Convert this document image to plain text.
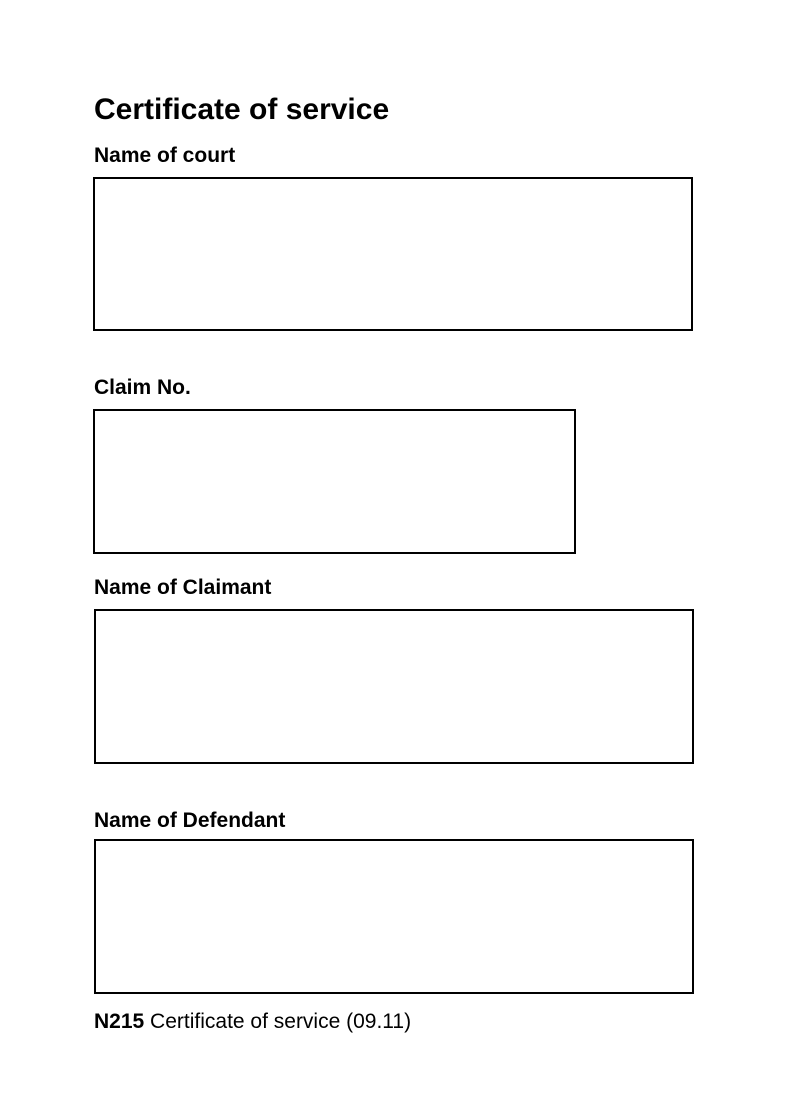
Certificate of service
Name of court
Claim No.
Name of Claimant
Name of Defendant
N215 Certificate of service (09.11)
